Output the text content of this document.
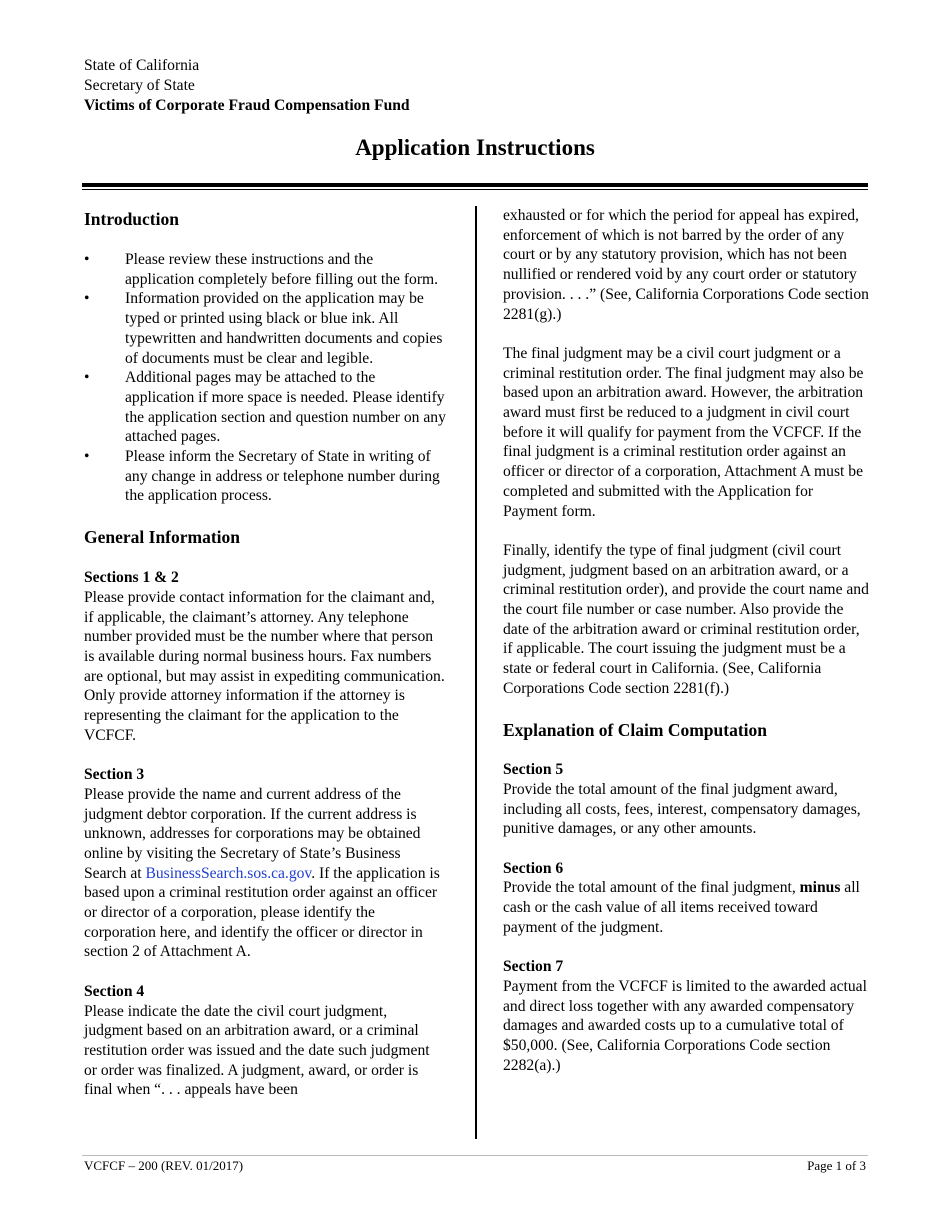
State of California
Secretary of State
Victims of Corporate Fraud Compensation Fund
Application Instructions

Introduction

• Please review these instructions and the application completely before filling out the form.
• Information provided on the application may be typed or printed using black or blue ink. All typewritten and handwritten documents and copies of documents must be clear and legible.
• Additional pages may be attached to the application if more space is needed. Please identify the application section and question number on any attached pages.
• Please inform the Secretary of State in writing of any change in address or telephone number during the application process.

General Information

Sections 1 & 2

Please provide contact information for the claimant and, if applicable, the claimant’s attorney. Any telephone number provided must be the number where that person is available during normal business hours. Fax numbers are optional, but may assist in expediting communication. Only provide attorney information if the attorney is representing the claimant for the application to the VCFCF.

Section 3

Please provide the name and current address of the judgment debtor corporation. If the current address is unknown, addresses for corporations may be obtained online by visiting the Secretary of State’s Business Search at BusinessSearch.sos.ca.gov. If the application is based upon a criminal restitution order against an officer or director of a corporation, please identify the corporation here, and identify the officer or director in section 2 of Attachment A.

Section 4

Please indicate the date the civil court judgment, judgment based on an arbitration award, or a criminal restitution order was issued and the date such judgment or order was finalized. A judgment, award, or order is final when “. . . appeals have been

exhausted or for which the period for appeal has expired, enforcement of which is not barred by the order of any court or by any statutory provision, which has not been nullified or rendered void by any court order or statutory provision. . . .” (See, California Corporations Code section 2281(g).)

The final judgment may be a civil court judgment or a criminal restitution order. The final judgment may also be based upon an arbitration award. However, the arbitration award must first be reduced to a judgment in civil court before it will qualify for payment from the VCFCF. If the final judgment is a criminal restitution order against an officer or director of a corporation, Attachment A must be completed and submitted with the Application for Payment form.

Finally, identify the type of final judgment (civil court judgment, judgment based on an arbitration award, or a criminal restitution order), and provide the court name and the court file number or case number. Also provide the date of the arbitration award or criminal restitution order, if applicable. The court issuing the judgment must be a state or federal court in California. (See, California Corporations Code section 2281(f).)

Explanation of Claim Computation

Section 5

Provide the total amount of the final judgment award, including all costs, fees, interest, compensatory damages, punitive damages, or any other amounts.

Section 6

Provide the total amount of the final judgment, minus all cash or the cash value of all items received toward payment of the judgment.

Section 7

Payment from the VCFCF is limited to the awarded actual and direct loss together with any awarded compensatory damages and awarded costs up to a cumulative total of $50,000. (See, California Corporations Code section 2282(a).)

VCFCF – 200 (REV. 01/2017)	Page 1 of 3
